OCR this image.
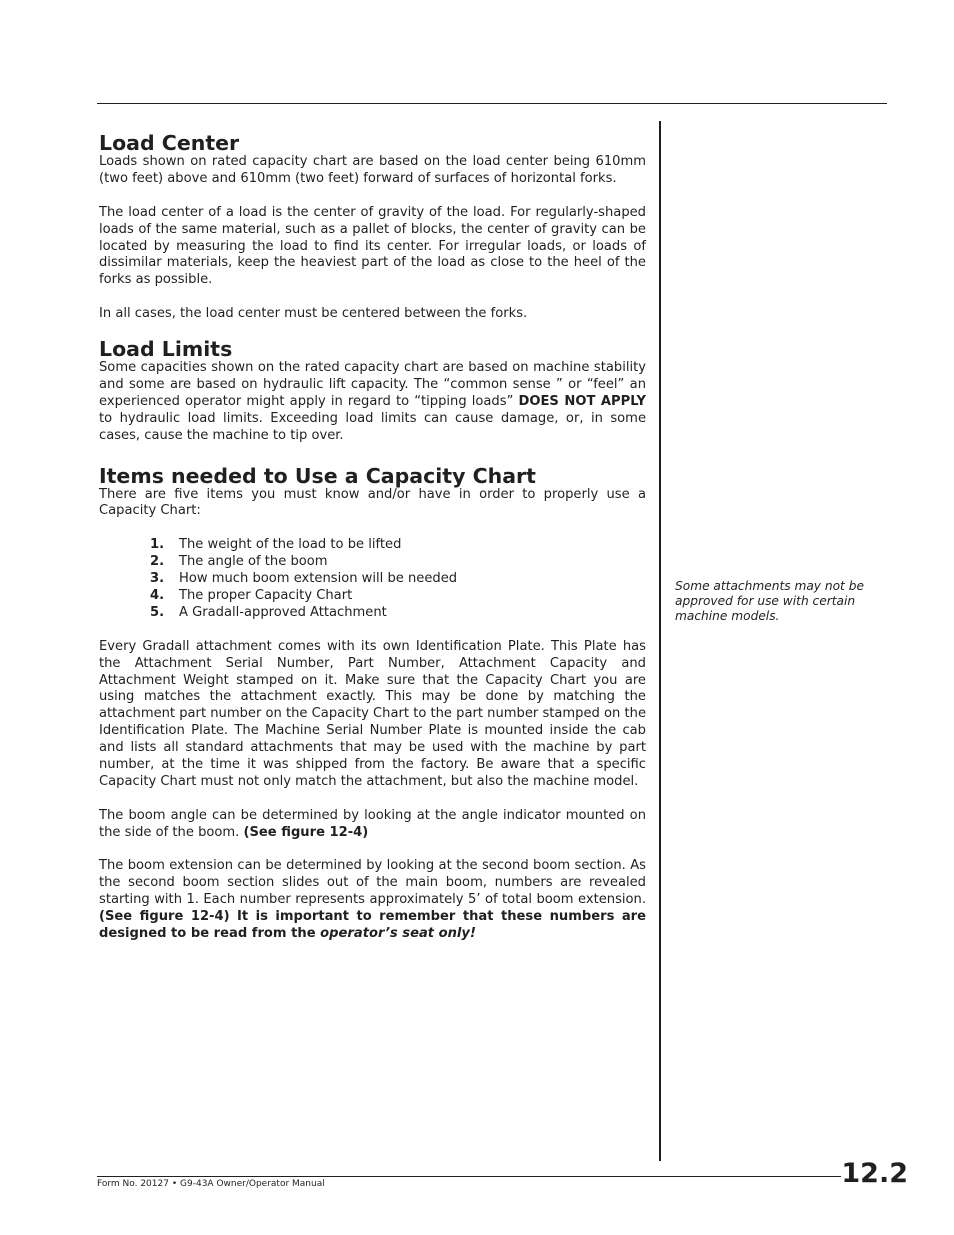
Load Center

Loads shown on rated capacity chart are based on the load center being 610mm (two feet) above and 610mm (two feet) forward of surfaces of horizontal forks.

The load center of a load is the center of gravity of the load. For regularly-shaped loads of the same material, such as a pallet of blocks, the center of gravity can be located by measuring the load to find its center. For irregular loads, or loads of dissimilar materials, keep the heaviest part of the load as close to the heel of the forks as possible.

In all cases, the load center must be centered between the forks.

Load Limits

Some capacities shown on the rated capacity chart are based on machine stability and some are based on hydraulic lift capacity. The “common sense ” or “feel” an experienced operator might apply in regard to “tipping loads” DOES NOT APPLY to hydraulic load limits. Exceeding load limits can cause damage, or, in some cases, cause the machine to tip over.

Items needed to Use a Capacity Chart

There are five items you must know and/or have in order to properly use a Capacity Chart:

1.	The weight of the load to be lifted
2.	The angle of the boom
3.	How much boom extension will be needed
4.	The proper Capacity Chart
5.	A Gradall-approved Attachment

Every Gradall attachment comes with its own Identification Plate. This Plate has the Attachment Serial Number, Part Number, Attachment Capacity and Attachment Weight stamped on it. Make sure that the Capacity Chart you are using matches the attachment exactly. This may be done by matching the attachment part number on the Capacity Chart to the part number stamped on the Identification Plate. The Machine Serial Number Plate is mounted inside the cab and lists all standard attachments that may be used with the machine by part number, at the time it was shipped from the factory. Be aware that a specific Capacity Chart must not only match the attachment, but also the machine model.

The boom angle can be determined by looking at the angle indicator mounted on the side of the boom. (See figure 12-4)

The boom extension can be determined by looking at the second boom section. As the second boom section slides out of the main boom, numbers are revealed starting with 1. Each number represents approximately 5’ of total boom extension. (See figure 12-4) It is important to remember that these numbers are designed to be read from the operator’s seat only!

Some attachments may not be approved for use with certain machine models.

Form No. 20127 • G9-43A Owner/Operator Manual	12.2
